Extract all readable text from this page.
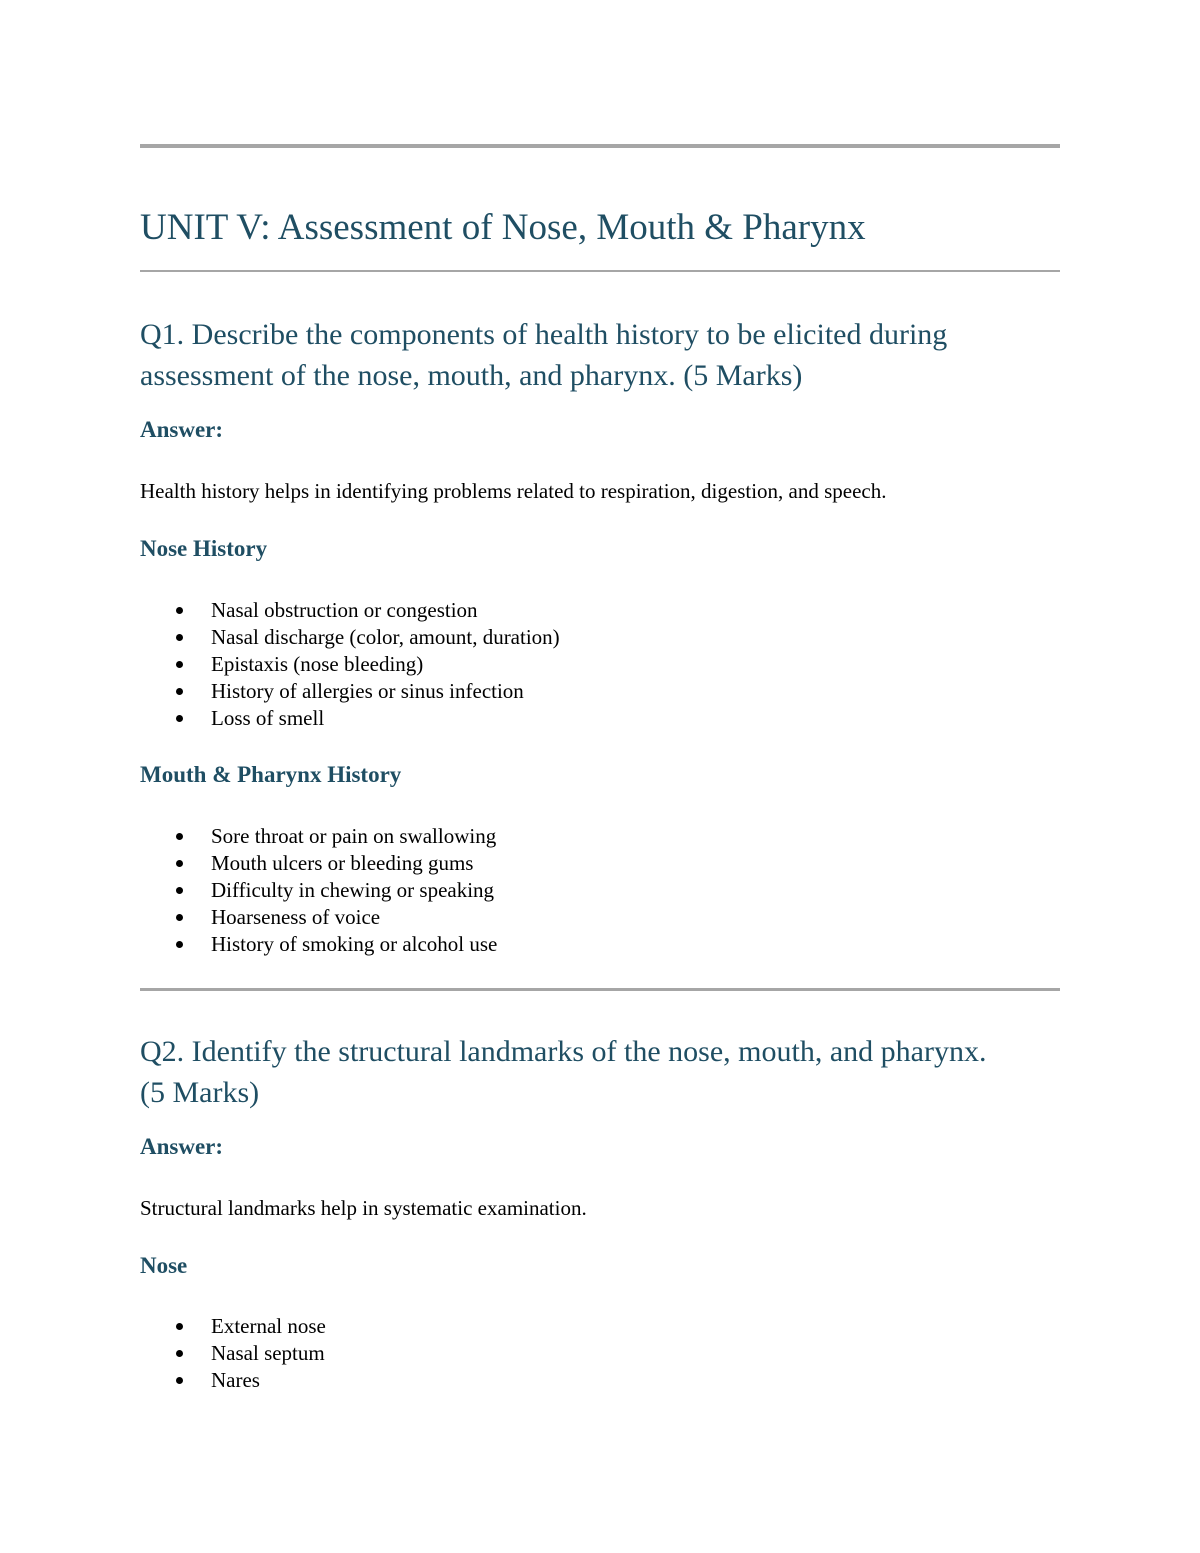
UNIT V: Assessment of Nose, Mouth & Pharynx
Q1. Describe the components of health history to be elicited during
assessment of the nose, mouth, and pharynx. (5 Marks)
Answer:

Health history helps in identifying problems related to respiration, digestion, and speech.

Nose History
Nasal obstruction or congestion
Nasal discharge (color, amount, duration)
Epistaxis (nose bleeding)
History of allergies or sinus infection
Loss of smell
Mouth & Pharynx History
Sore throat or pain on swallowing
Mouth ulcers or bleeding gums
Difficulty in chewing or speaking
Hoarseness of voice
History of smoking or alcohol use
Q2. Identify the structural landmarks of the nose, mouth, and pharynx.
(5 Marks)
Answer:

Structural landmarks help in systematic examination.

Nose
External nose
Nasal septum
Nares
